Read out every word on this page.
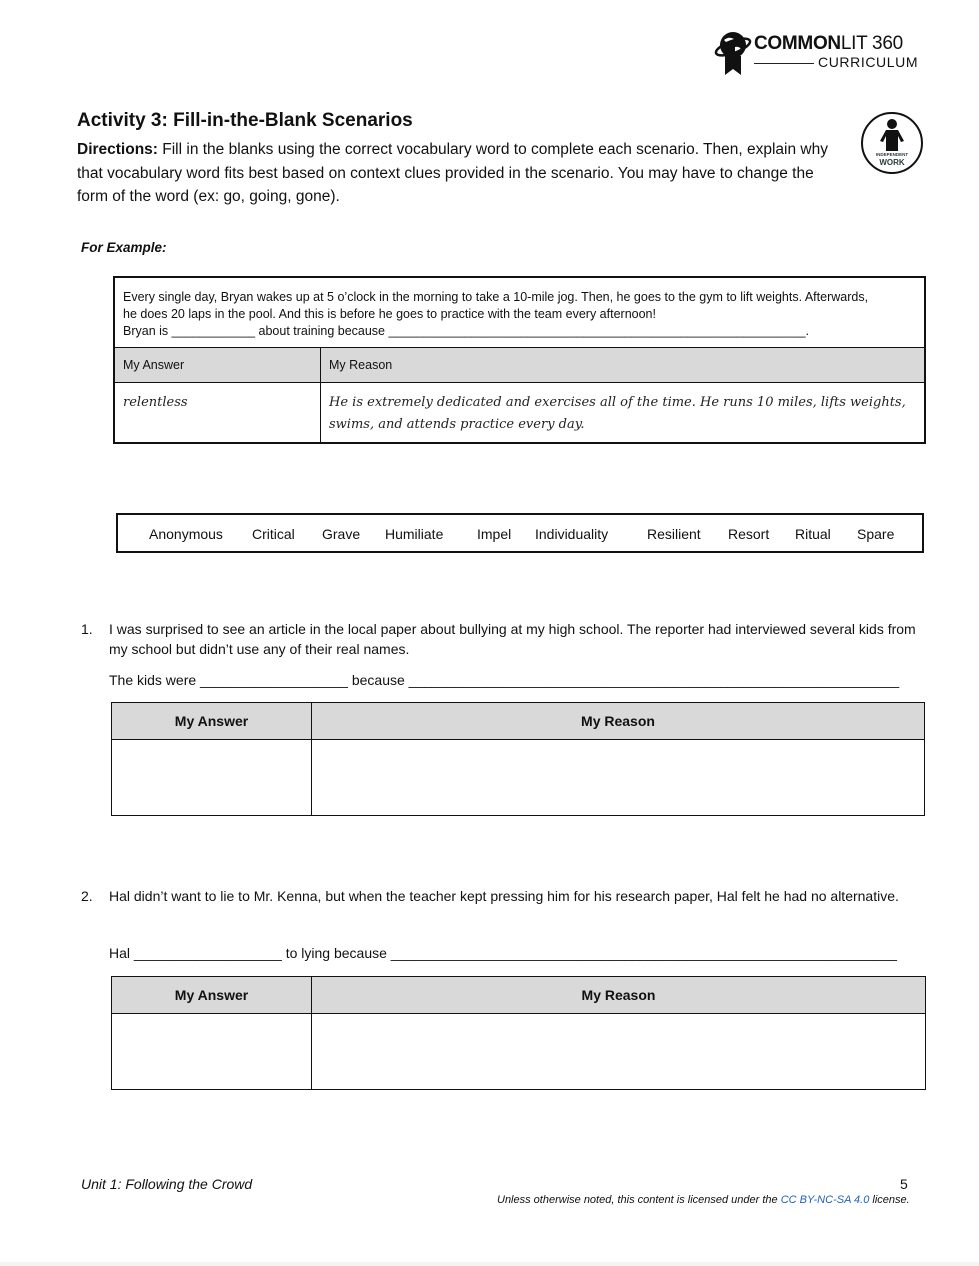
COMMONLIT 360
CURRICULUM
INDEPENDENT
WORK
Activity 3: Fill-in-the-Blank Scenarios
Directions: Fill in the blanks using the correct vocabulary word to complete each scenario. Then, explain why that vocabulary word fits best based on context clues provided in the scenario. You may have to change the form of the word (ex: go, going, gone).
For Example:
Every single day, Bryan wakes up at 5 o’clock in the morning to take a 10-mile jog. Then, he goes to the gym to lift weights. Afterwards,
he does 20 laps in the pool. And this is before he goes to practice with the team every afternoon!
Bryan is ____________ about training because ____________________________________________________________.
My Answer	My Reason
relentless	He is extremely dedicated and exercises all of the time. He runs 10 miles, lifts weights, swims, and attends practice every day.
Anonymous Critical Grave Humiliate Impel Individuality	Resilient Resort Ritual Spare
1. I was surprised to see an article in the local paper about bullying at my high school. The reporter had interviewed several kids from my school but didn’t use any of their real names.
The kids were ___________________ because _______________________________________________________________
My Answer	My Reason
2. Hal didn’t want to lie to Mr. Kenna, but when the teacher kept pressing him for his research paper, Hal felt he had no alternative.
Hal ___________________ to lying because _________________________________________________________________
My Answer	My Reason
Unit 1: Following the Crowd	5
Unless otherwise noted, this content is licensed under the CC BY-NC-SA 4.0 license.
